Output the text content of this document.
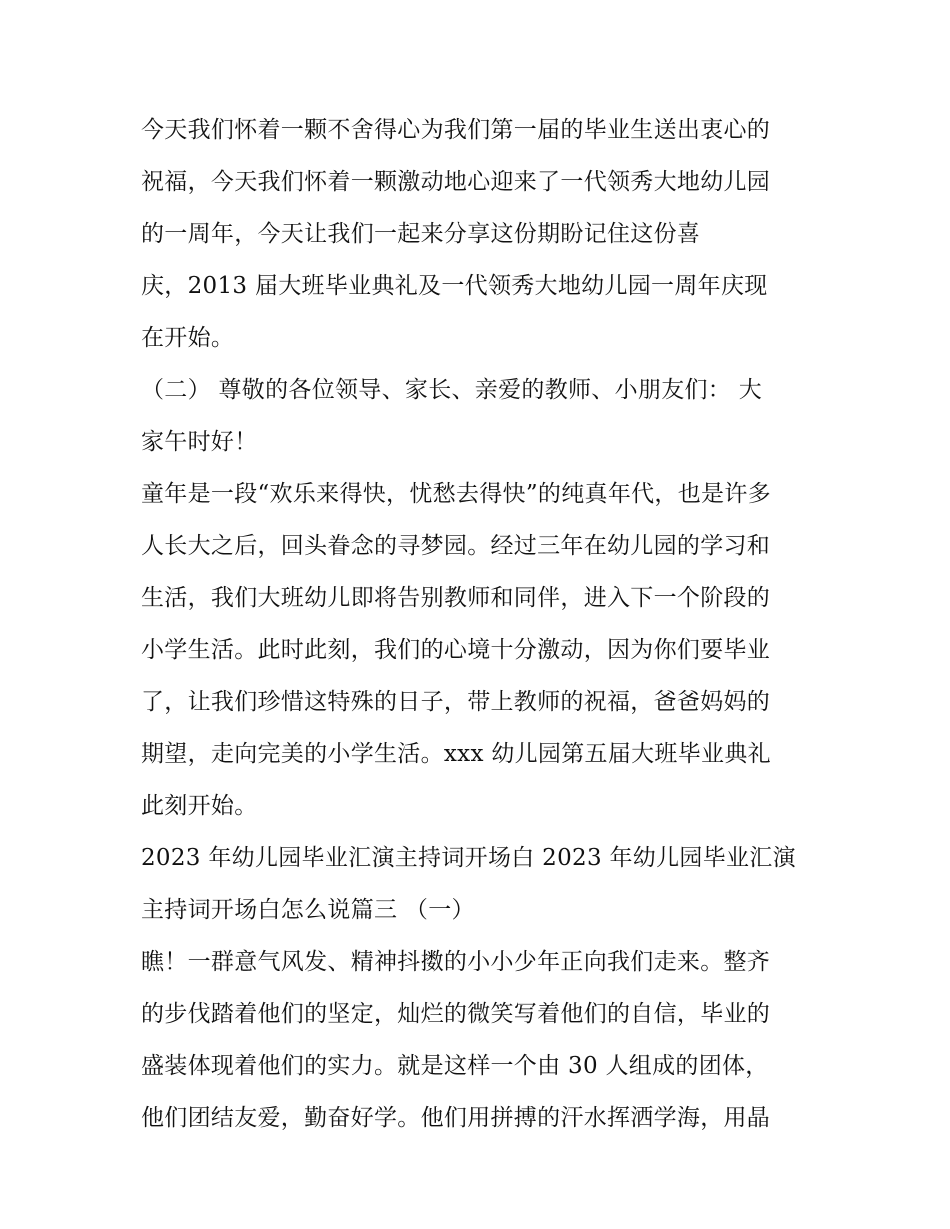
今天我们怀着一颗不舍得心为我们第一届的毕业生送出衷心的
祝福，今天我们怀着一颗激动地心迎来了一代领秀大地幼儿园
的一周年，今天让我们一起来分享这份期盼记住这份喜
庆，2013 届大班毕业典礼及一代领秀大地幼儿园一周年庆现
在开始。
（二） 尊敬的各位领导、家长、亲爱的教师、小朋友们： 大
家午时好！
童年是一段“欢乐来得快，忧愁去得快”的纯真年代，也是许多
人长大之后，回头眷念的寻梦园。经过三年在幼儿园的学习和
生活，我们大班幼儿即将告别教师和同伴，进入下一个阶段的
小学生活。此时此刻，我们的心境十分激动，因为你们要毕业
了，让我们珍惜这特殊的日子，带上教师的祝福，爸爸妈妈的
期望，走向完美的小学生活。xxx 幼儿园第五届大班毕业典礼
此刻开始。
2023 年幼儿园毕业汇演主持词开场白 2023 年幼儿园毕业汇演
主持词开场白怎么说篇三 （一）
瞧！一群意气风发、精神抖擞的小小少年正向我们走来。整齐
的步伐踏着他们的坚定，灿烂的微笑写着他们的自信，毕业的
盛装体现着他们的实力。就是这样一个由 30 人组成的团体，
他们团结友爱，勤奋好学。他们用拼搏的汗水挥洒学海，用晶
